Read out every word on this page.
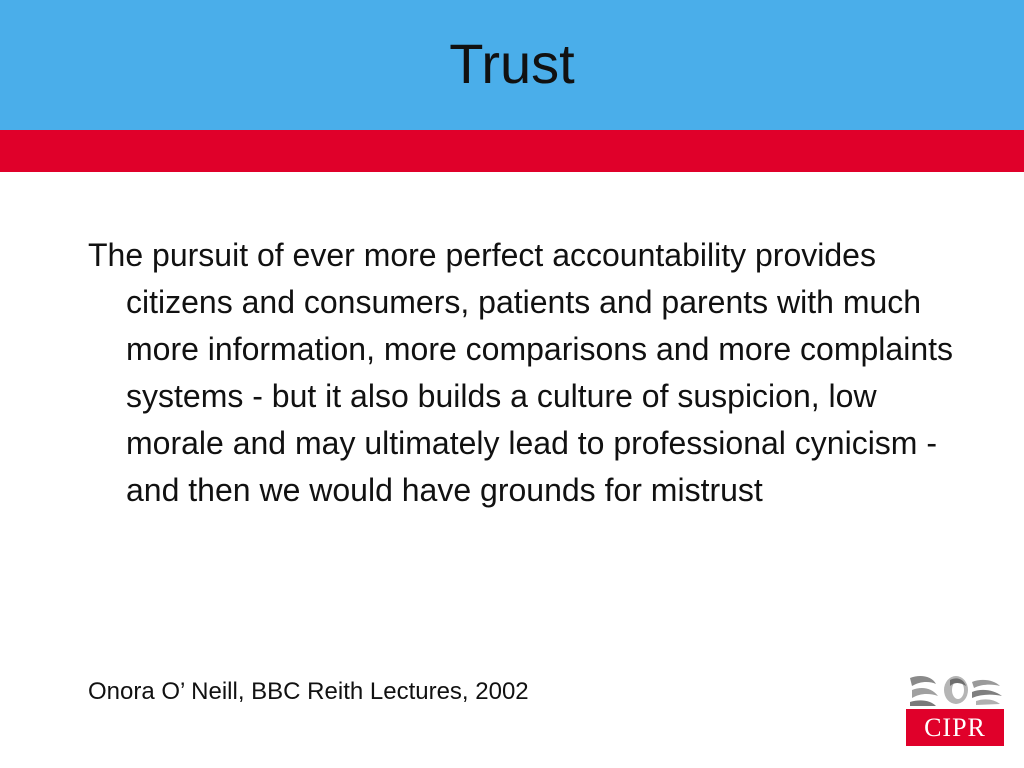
Trust

The pursuit of ever more perfect accountability provides citizens and consumers, patients and parents with much more information, more comparisons and more complaints systems - but it also builds a culture of suspicion, low morale and may ultimately lead to professional cynicism - and then we would have grounds for mistrust

Onora O’ Neill, BBC Reith Lectures, 2002
CIPR
